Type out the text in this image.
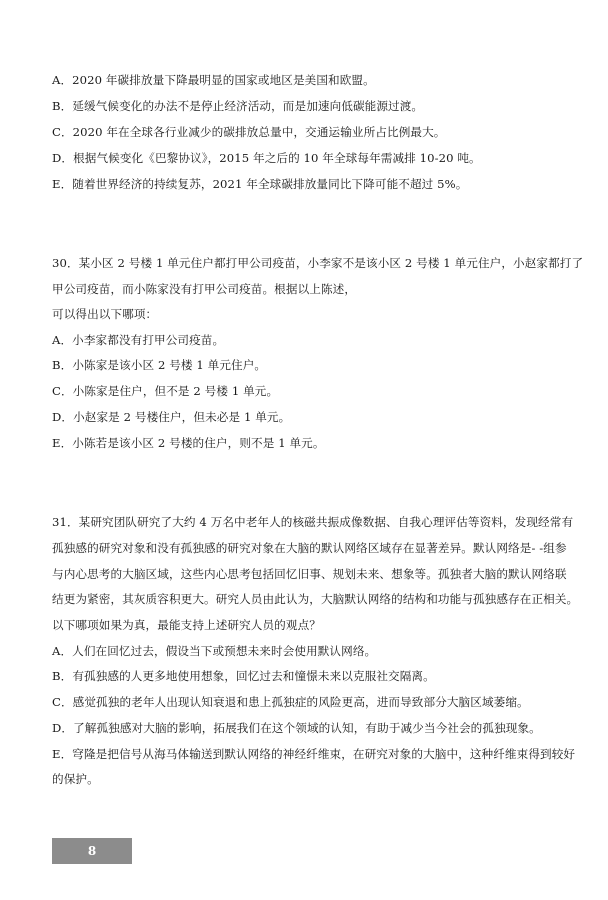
A．2020 年碳排放量下降最明显的国家或地区是美国和欧盟。
B．延缓气候变化的办法不是停止经济活动，而是加速向低碳能源过渡。
C．2020 年在全球各行业减少的碳排放总量中，交通运输业所占比例最大。
D．根据气候变化《巴黎协议》，2015 年之后的 10 年全球每年需减排 10-20 吨。
E．随着世界经济的持续复苏，2021 年全球碳排放量同比下降可能不超过 5%。
30．某小区 2 号楼 1 单元住户都打甲公司疫苗，小李家不是该小区 2 号楼 1 单元住户，小赵家都打了
甲公司疫苗，而小陈家没有打甲公司疫苗。根据以上陈述，
可以得出以下哪项：
A．小李家都没有打甲公司疫苗。
B．小陈家是该小区 2 号楼 1 单元住户。
C．小陈家是住户，但不是 2 号楼 1 单元。
D．小赵家是 2 号楼住户，但未必是 1 单元。
E．小陈若是该小区 2 号楼的住户，则不是 1 单元。
31．某研究团队研究了大约 4 万名中老年人的核磁共振成像数据、自我心理评估等资料，发现经常有
孤独感的研究对象和没有孤独感的研究对象在大脑的默认网络区域存在显著差异。默认网络是- -组参
与内心思考的大脑区域，这些内心思考包括回忆旧事、规划未来、想象等。孤独者大脑的默认网络联
结更为紧密，其灰质容积更大。研究人员由此认为，大脑默认网络的结构和功能与孤独感存在正相关。
以下哪项如果为真，最能支持上述研究人员的观点？
A．人们在回忆过去，假设当下或预想未来时会使用默认网络。
B．有孤独感的人更多地使用想象，回忆过去和憧憬未来以克服社交隔离。
C．感觉孤独的老年人出现认知衰退和患上孤独症的风险更高，进而导致部分大脑区域萎缩。
D．了解孤独感对大脑的影响，拓展我们在这个领域的认知，有助于减少当今社会的孤独现象。
E．穹隆是把信号从海马体输送到默认网络的神经纤维束，在研究对象的大脑中，这种纤维束得到较好
的保护。
8
